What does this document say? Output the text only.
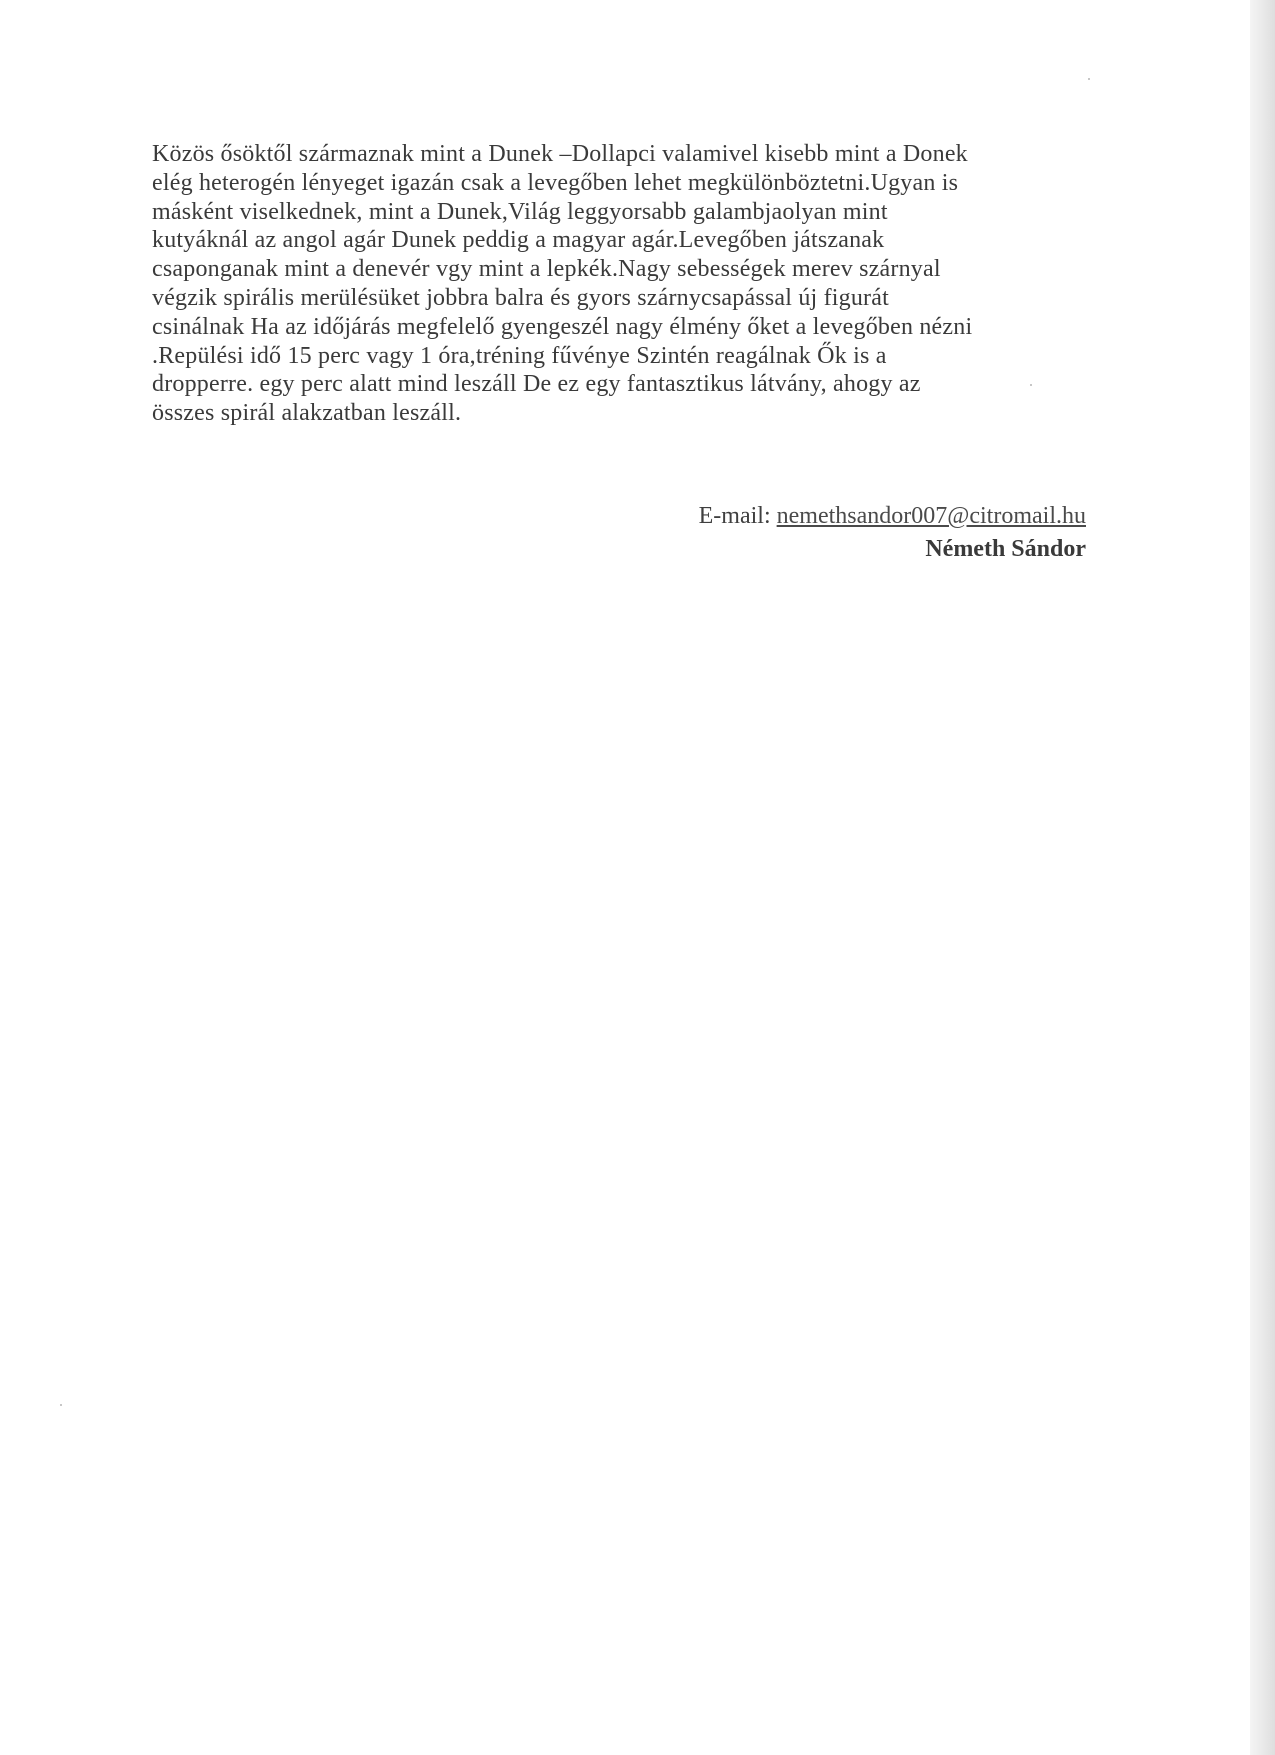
Közös ősöktől származnak mint a Dunek –Dollapci valamivel kisebb mint a Donek
elég heterogén lényeget igazán csak a levegőben lehet megkülönböztetni.Ugyan is
másként viselkednek, mint a Dunek,Világ leggyorsabb galambjaolyan mint
kutyáknál az angol agár Dunek peddig a magyar agár.Levegőben játszanak
csaponganak mint a denevér vgy mint a lepkék.Nagy sebességek merev szárnyal
végzik spirális merülésüket jobbra balra és gyors szárnycsapással új figurát
csinálnak Ha az időjárás megfelelő gyengeszél nagy élmény őket a levegőben nézni
.Repülési idő 15 perc vagy 1 óra,tréning fűvénye Szintén reagálnak Ők is a
dropperre. egy perc alatt mind leszáll De ez egy fantasztikus látvány, ahogy az
összes spirál alakzatban leszáll.
E-mail: nemethsandor007@citromail.hu
Németh Sándor
